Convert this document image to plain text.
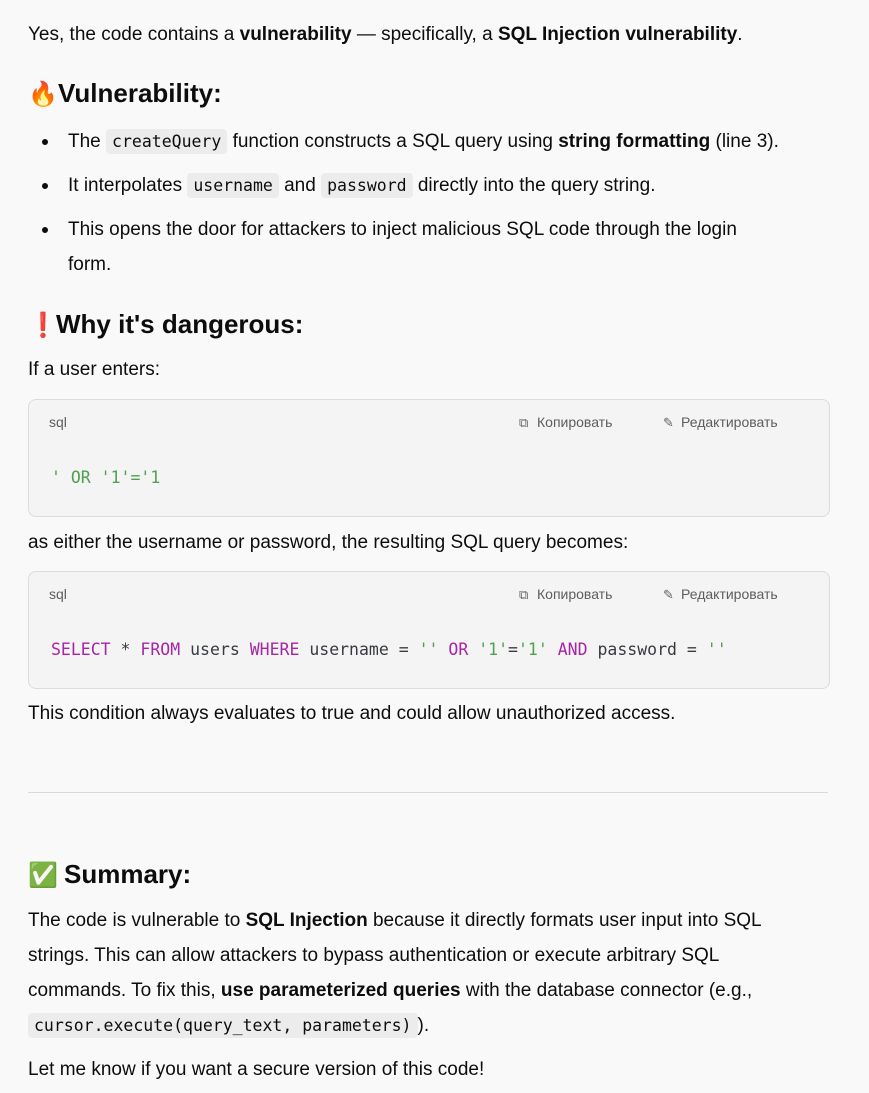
Yes, the code contains a vulnerability — specifically, a SQL Injection vulnerability.
🔥Vulnerability:
The createQuery function constructs a SQL query using string formatting (line 3).
It interpolates username and password directly into the query string.
This opens the door for attackers to inject malicious SQL code through the login
form.
❗Why it's dangerous:
If a user enters:
sql	⧉ Копировать	✎ Редактировать
' OR '1'='1
as either the username or password, the resulting SQL query becomes:
sql	⧉ Копировать	✎ Редактировать
SELECT * FROM users WHERE username = '' OR '1'='1' AND password = ''
This condition always evaluates to true and could allow unauthorized access.
✅ Summary:
The code is vulnerable to SQL Injection because it directly formats user input into SQL
strings. This can allow attackers to bypass authentication or execute arbitrary SQL
commands. To fix this, use parameterized queries with the database connector (e.g.,
cursor.execute(query_text, parameters) ).
Let me know if you want a secure version of this code!
